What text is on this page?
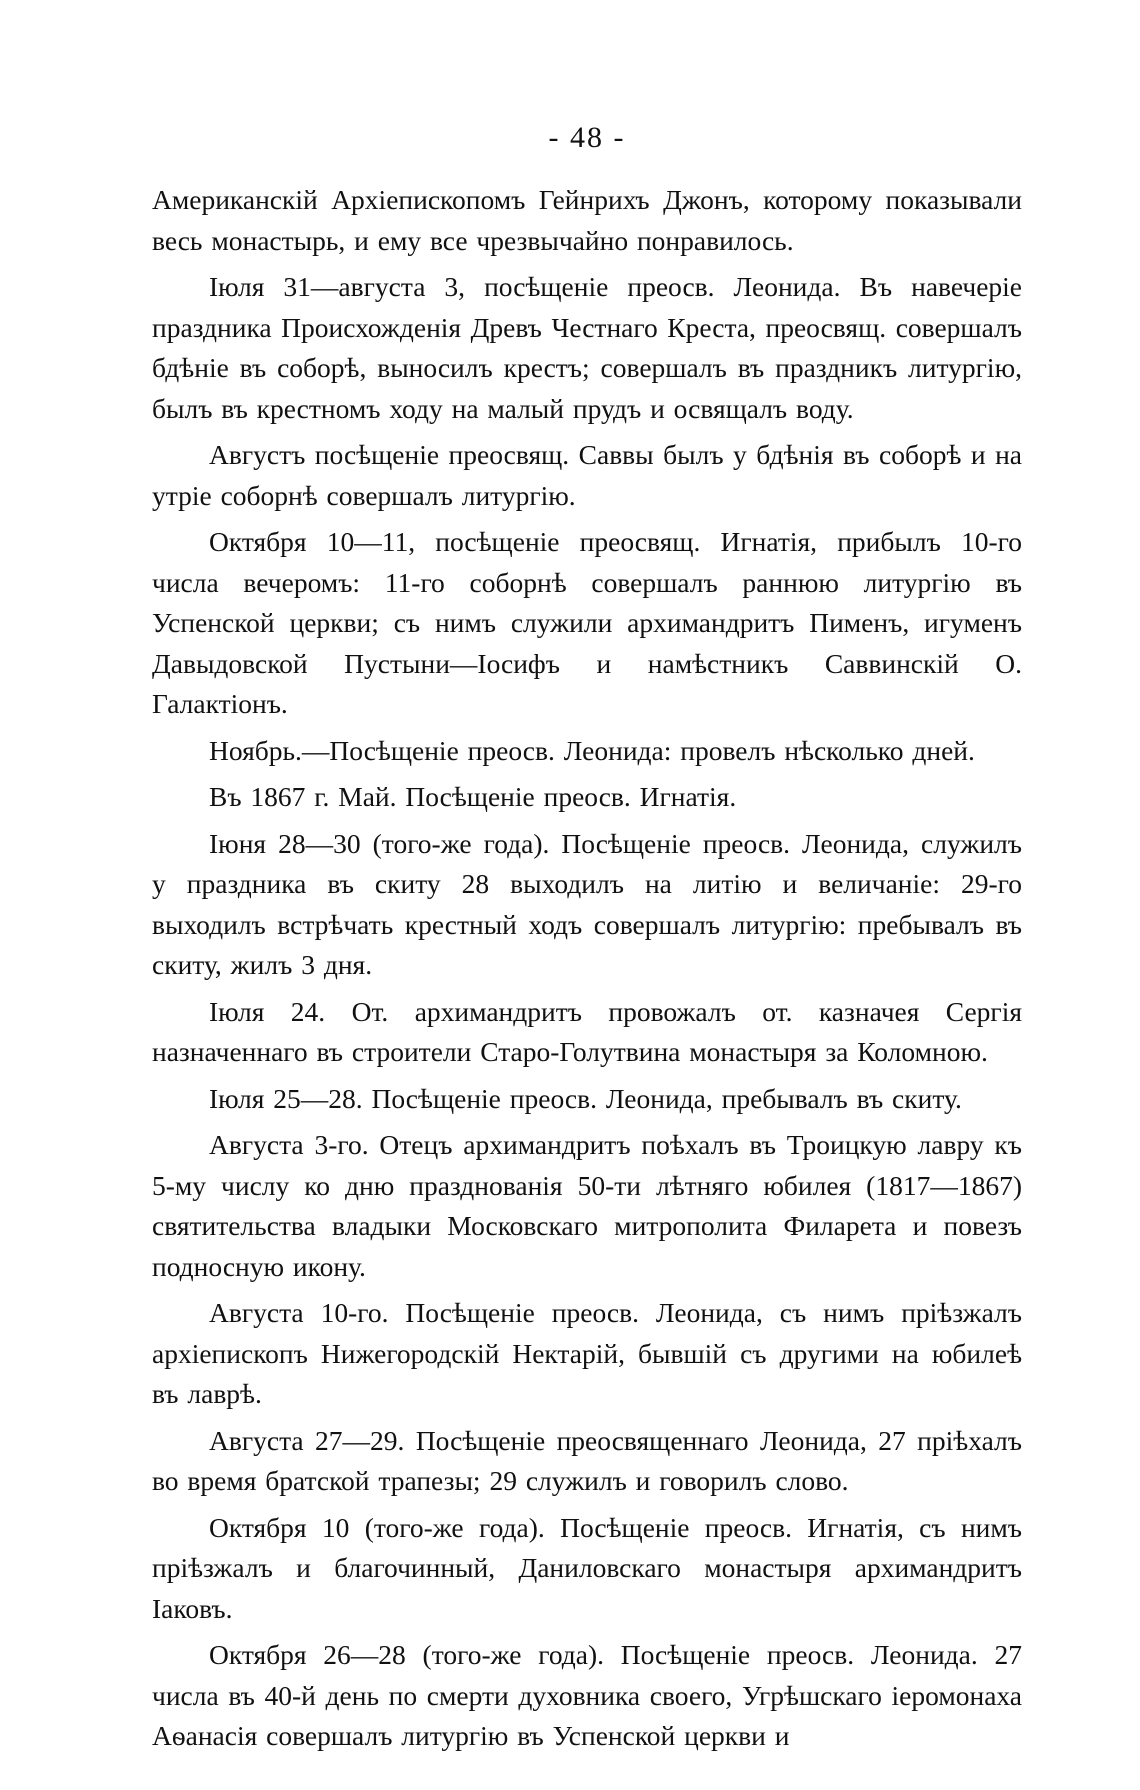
- 48 -

Американскій Архіепископомъ Гейнрихъ Джонъ, которому показывали весь монастырь, и ему все чрезвычайно понравилось.

Іюля 31—августа 3, посѣщеніе преосв. Леонида. Въ навечеріе праздника Происхожденія Древъ Честнаго Креста, преосвящ. совершалъ бдѣніе въ соборѣ, выносилъ крестъ; совершалъ въ праздникъ литургію, былъ въ крестномъ ходу на малый прудъ и освящалъ воду.

Августъ посѣщеніе преосвящ. Саввы былъ у бдѣнія въ соборѣ и на утріе соборнѣ совершалъ литургію.

Октября 10—11, посѣщеніе преосвящ. Игнатія, прибылъ 10-го числа вечеромъ: 11-го соборнѣ совершалъ раннюю литургію въ Успенской церкви; съ нимъ служили архимандритъ Пименъ, игуменъ Давыдовской Пустыни—Іосифъ и намѣстникъ Саввинскій О. Галактіонъ.

Ноябрь.—Посѣщеніе преосв. Леонида: провелъ нѣсколько дней.

Въ 1867 г. Май. Посѣщеніе преосв. Игнатія.

Іюня 28—30 (того-же года). Посѣщеніе преосв. Леонида, служилъ у праздника въ скиту 28 выходилъ на литію и величаніе: 29-го выходилъ встрѣчать крестный ходъ совершалъ литургію: пребывалъ въ скиту, жилъ 3 дня.

Іюля 24. От. архимандритъ провожалъ от. казначея Сергія назначеннаго въ строители Старо-Голутвина монастыря за Коломною.

Іюля 25—28. Посѣщеніе преосв. Леонида, пребывалъ въ скиту.

Августа 3-го. Отецъ архимандритъ поѣхалъ въ Троицкую лавру къ 5-му числу ко дню празднованія 50-ти лѣтняго юбилея (1817—1867) святительства владыки Московскаго митрополита Филарета и повезъ подносную икону.

Августа 10-го. Посѣщеніе преосв. Леонида, съ нимъ пріѣзжалъ архіепископъ Нижегородскій Нектарій, бывшій съ другими на юбилеѣ въ лаврѣ.

Августа 27—29. Посѣщеніе преосвященнаго Леонида, 27 пріѣхалъ во время братской трапезы; 29 служилъ и говорилъ слово.

Октября 10 (того-же года). Посѣщеніе преосв. Игнатія, съ нимъ пріѣзжалъ и благочинный, Даниловскаго монастыря архимандритъ Іаковъ.

Октября 26—28 (того-же года). Посѣщеніе преосв. Леонида. 27 числа въ 40-й день по смерти духовника своего, Угрѣшскаго іеромонаха Аѳанасія совершалъ литургію въ Успенской церкви и
